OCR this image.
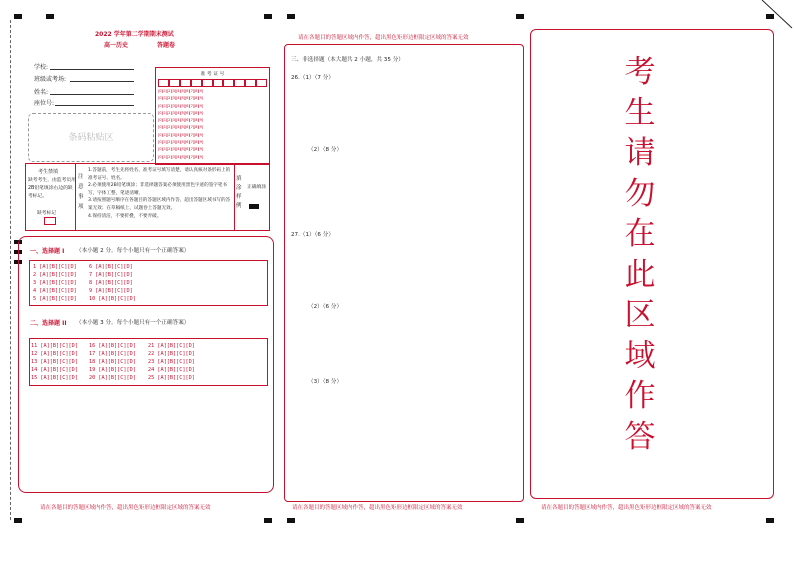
2022 学年第二学期期末测试
高一历史	答题卷
学校:
班级或考场:
姓名:
座位号:
准 考 证 号
[0][1][2][3][4][5][6][7][8][9]
[0][1][2][3][4][5][6][7][8][9]
[0][1][2][3][4][5][6][7][8][9]
[0][1][2][3][4][5][6][7][8][9]
[0][1][2][3][4][5][6][7][8][9]
[0][1][2][3][4][5][6][7][8][9]
[0][1][2][3][4][5][6][7][8][9]
[0][1][2][3][4][5][6][7][8][9]
[0][1][2][3][4][5][6][7][8][9]
[0][1][2][3][4][5][6][7][8][9]
条码粘贴区
考生禁填
缺考考生，由监考员用2B铅笔填涂右边的缺考标记。
缺考标记
注意事项
1.答题前，考生先将姓名、准考证号填写清楚，请认真核对条形码上的准考证号、姓名。
2.必须使用2B铅笔填涂；非选择题答案必须使用黑色字迹的签字笔书写，字体工整，笔迹清晰。
3.请按照题号顺序在各题目的答题区域内作答，超出答题区域书写的答案无效；在草稿纸上、试题卷上答题无效。
4.保持清洁，不要折叠，不要弄破。
填涂样例
正确填涂
一、选择题 I （本小题 2 分。每个小题只有一个正确答案）
1 [A][B][C][D]
2 [A][B][C][D]
3 [A][B][C][D]
4 [A][B][C][D]
5 [A][B][C][D]
6 [A][B][C][D]
7 [A][B][C][D]
8 [A][B][C][D]
9 [A][B][C][D]
10 [A][B][C][D]
二、选择题 II （本小题 3 分。每个小题只有一个正确答案）
11 [A][B][C][D]
12 [A][B][C][D]
13 [A][B][C][D]
14 [A][B][C][D]
15 [A][B][C][D]
16 [A][B][C][D]
17 [A][B][C][D]
18 [A][B][C][D]
19 [A][B][C][D]
20 [A][B][C][D]
21 [A][B][C][D]
22 [A][B][C][D]
23 [A][B][C][D]
24 [A][B][C][D]
25 [A][B][C][D]
请在各题目的答题区域内作答，超出黑色矩形边框限定区域的答案无效
请在各题目的答题区域内作答，超出黑色矩形边框限定区域的答案无效
三、非选择题（本大题共 2 小题，共 35 分）
26.（1）（7 分）
（2）（8 分）
27.（1）（6 分）
（2）（6 分）
（3）（8 分）
请在各题目的答题区域内作答，超出黑色矩形边框限定区域的答案无效
考
生
请
勿
在
此
区
域
作
答
请在各题目的答题区域内作答，超出黑色矩形边框限定区域的答案无效
